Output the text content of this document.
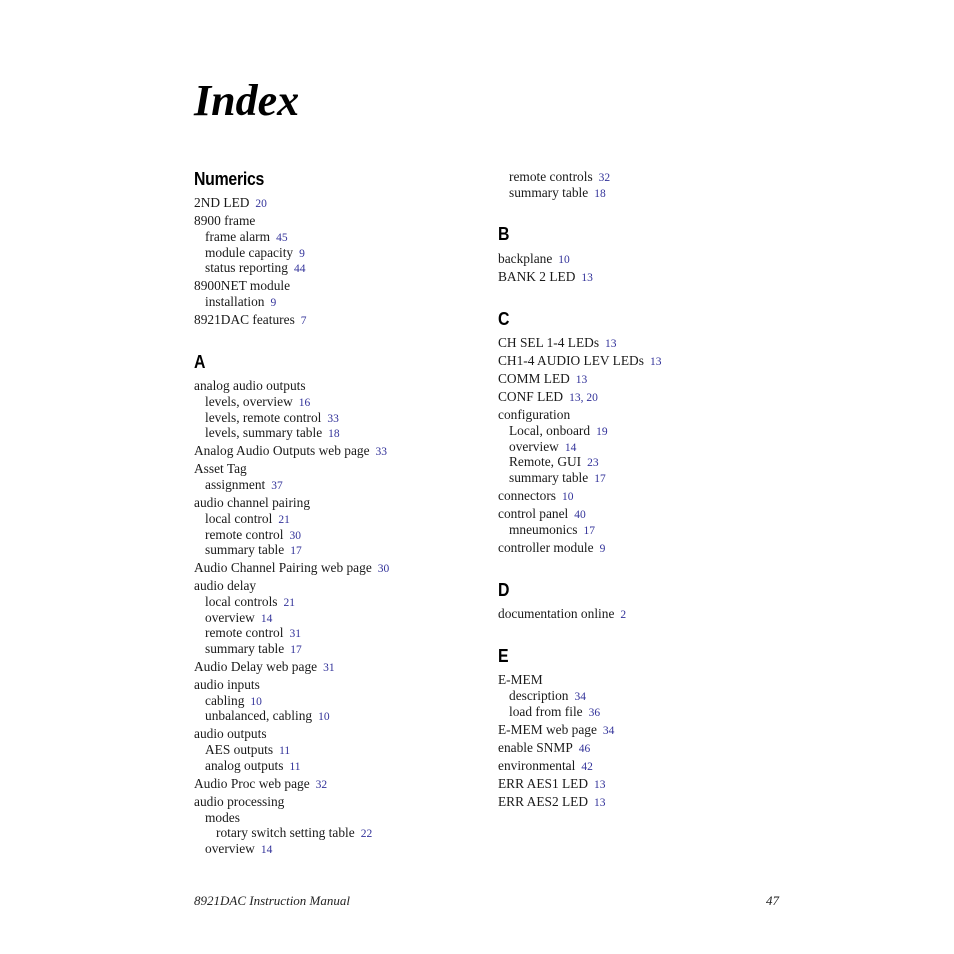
Index
Numerics
2ND LED 20
8900 frame
frame alarm 45
module capacity 9
status reporting 44
8900NET module
installation 9
8921DAC features 7
A
analog audio outputs
levels, overview 16
levels, remote control 33
levels, summary table 18
Analog Audio Outputs web page 33
Asset Tag
assignment 37
audio channel pairing
local control 21
remote control 30
summary table 17
Audio Channel Pairing web page 30
audio delay
local controls 21
overview 14
remote control 31
summary table 17
Audio Delay web page 31
audio inputs
cabling 10
unbalanced, cabling 10
audio outputs
AES outputs 11
analog outputs 11
Audio Proc web page 32
audio processing
modes
rotary switch setting table 22
overview 14
remote controls 32
summary table 18
B
backplane 10
BANK 2 LED 13
C
CH SEL 1-4 LEDs 13
CH1-4 AUDIO LEV LEDs 13
COMM LED 13
CONF LED 13, 20
configuration
Local, onboard 19
overview 14
Remote, GUI 23
summary table 17
connectors 10
control panel 40
mneumonics 17
controller module 9
D
documentation online 2
E
E-MEM
description 34
load from file 36
E-MEM web page 34
enable SNMP 46
environmental 42
ERR AES1 LED 13
ERR AES2 LED 13
8921DAC Instruction Manual	47
